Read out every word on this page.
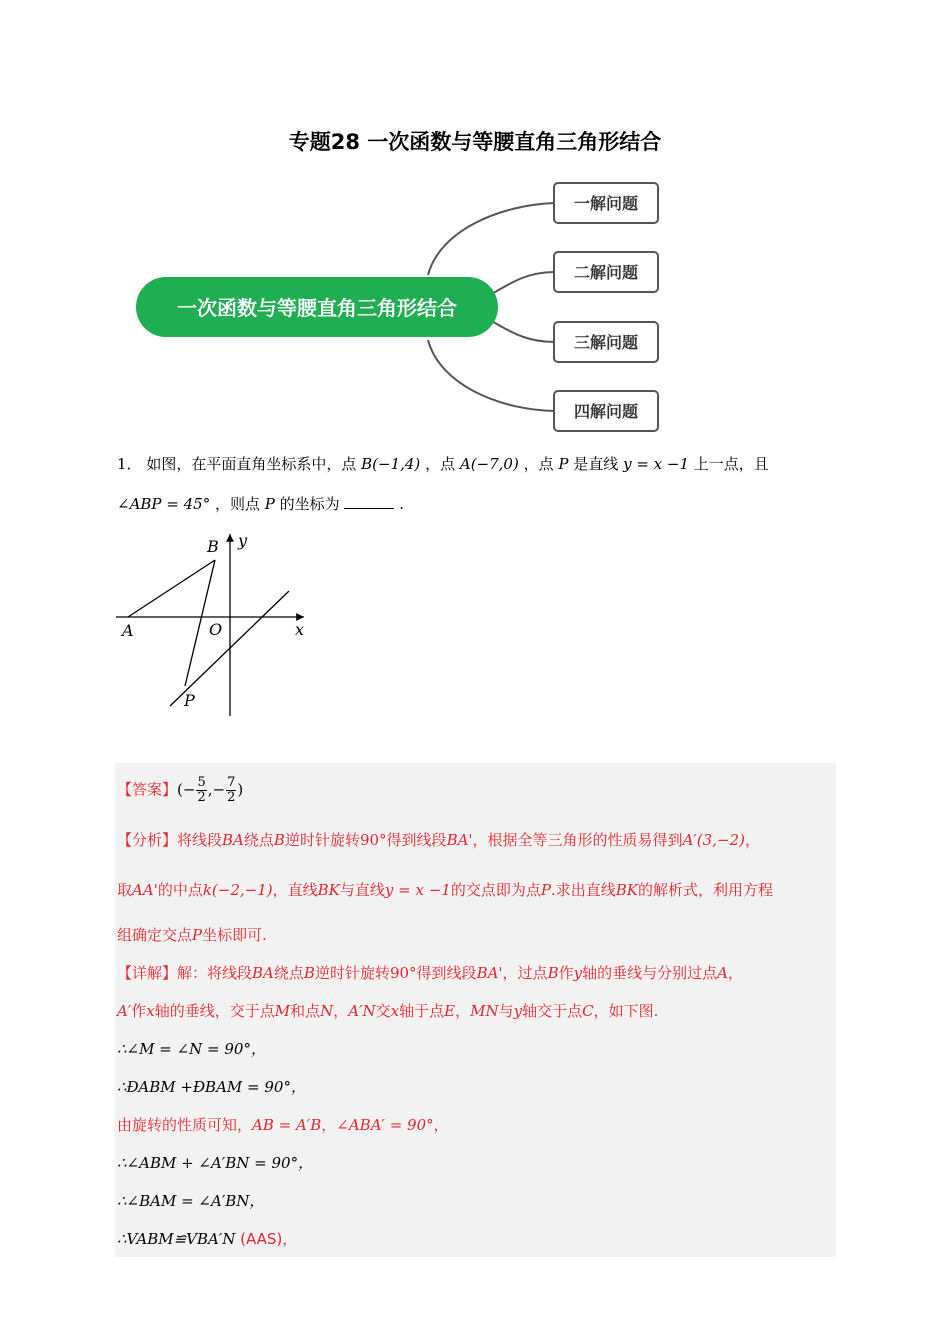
专题28 一次函数与等腰直角三角形结合
一次函数与等腰直角三角形结合
一解问题
二解问题
三解问题
四解问题
1． 如图，在平面直角坐标系中，点 B(−1,4) ，点 A(−7,0) ，点 P 是直线 y = x −1 上一点，且
∠ABP = 45° ，则点 P 的坐标为	.
B y
A	O	x
P
【答案】(− $\frac{5}{2}$ ,− $\frac{7}{2}$ )
【分析】将线段BA绕点B逆时针旋转90°得到线段BA'，根据全等三角形的性质易得到A′(3,−2)，
取AA'的中点k(−2,−1)，直线BK与直线y = x −1的交点即为点P.求出直线BK的解析式，利用方程
组确定交点P坐标即可.
【详解】解：将线段BA绕点B逆时针旋转90°得到线段BA'，过点B作y轴的垂线与分别过点A，
A′作x轴的垂线，交于点M和点N，A′N交x轴于点E，MN与y轴交于点C，如下图.
∴∠M = ∠N = 90°，
∴ÐABM +ÐBAM = 90°，
由旋转的性质可知，AB = A′B，∠ABA′ = 90°，
∴∠ABM + ∠A′BN = 90°，
∴∠BAM = ∠A′BN，
∴VABM≌VBA′N (AAS)，
